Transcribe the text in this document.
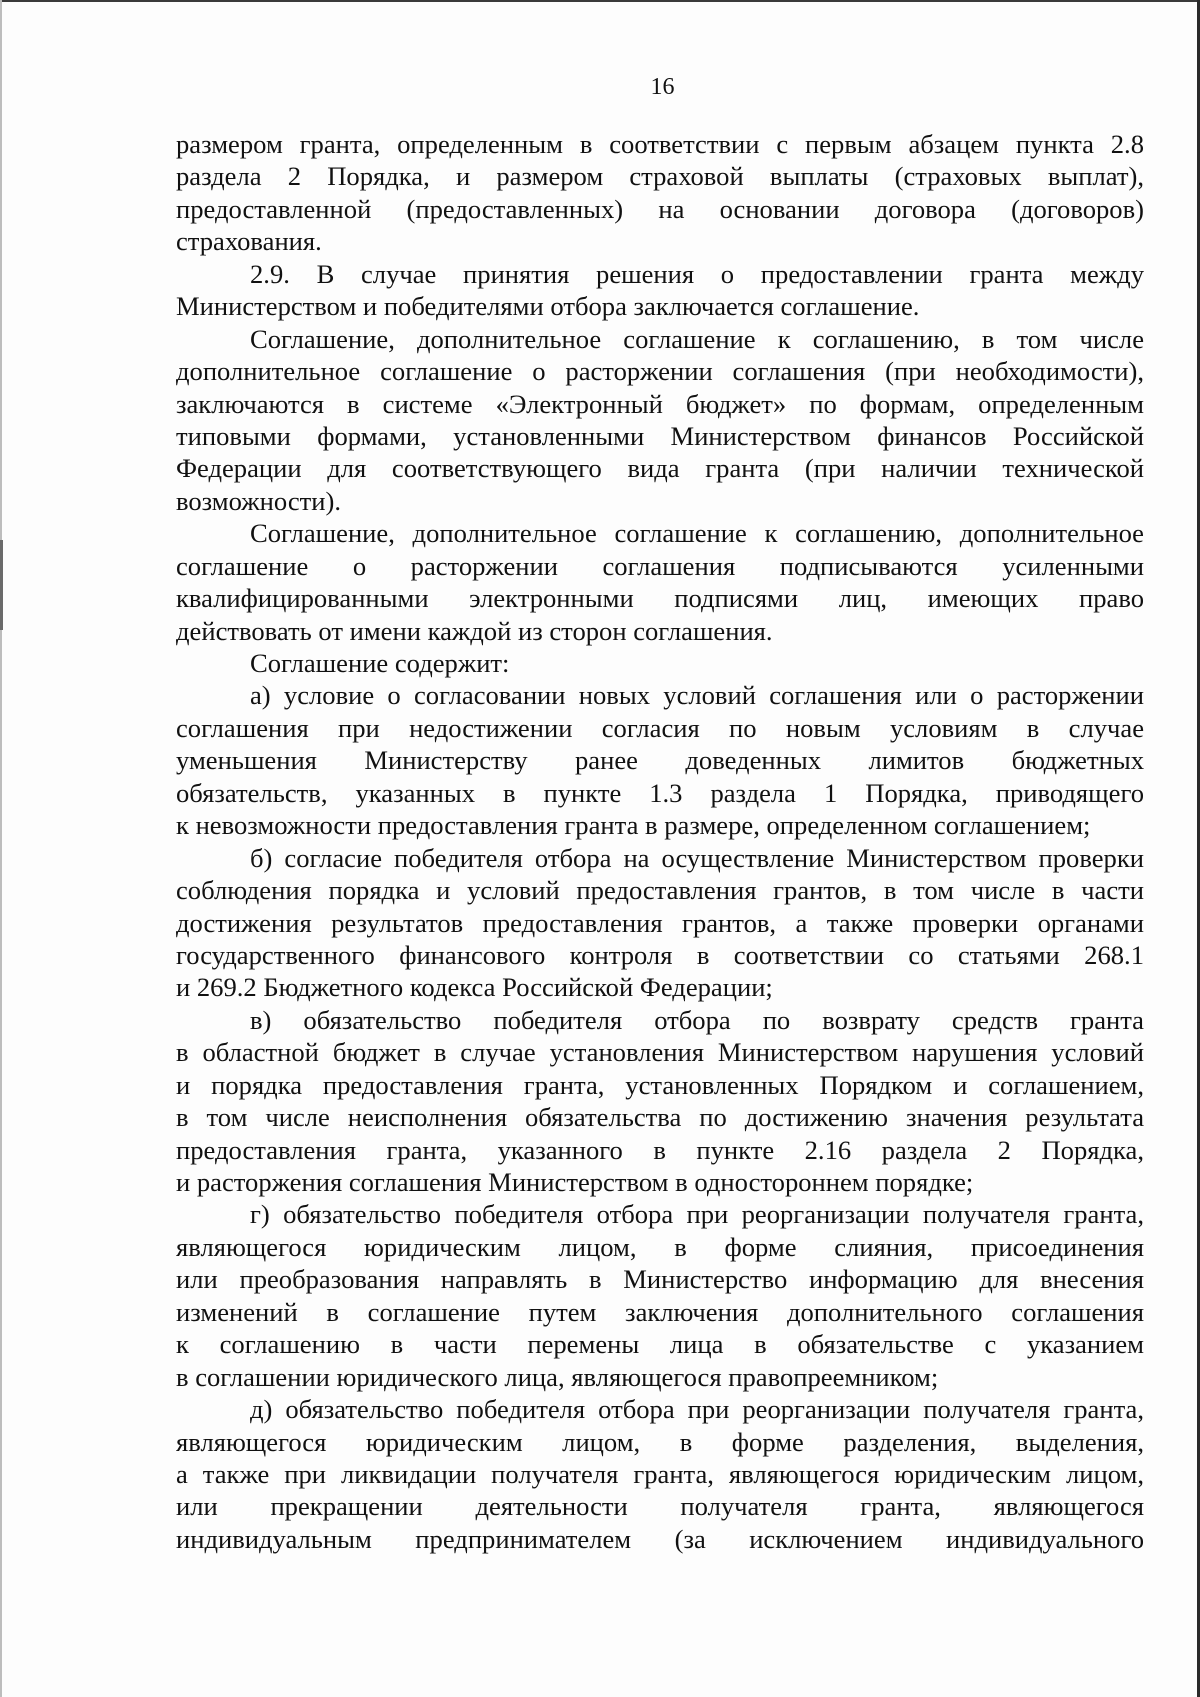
16
размером гранта, определенным в соответствии с первым абзацем пункта 2.8
раздела 2 Порядка, и размером страховой выплаты (страховых выплат),
предоставленной (предоставленных) на основании договора (договоров)
страхования.
2.9. В случае принятия решения о предоставлении гранта между
Министерством и победителями отбора заключается соглашение.
Соглашение, дополнительное соглашение к соглашению, в том числе
дополнительное соглашение о расторжении соглашения (при необходимости),
заключаются в системе «Электронный бюджет» по формам, определенным
типовыми формами, установленными Министерством финансов Российской
Федерации для соответствующего вида гранта (при наличии технической
возможности).
Соглашение, дополнительное соглашение к соглашению, дополнительное
соглашение о расторжении соглашения подписываются усиленными
квалифицированными электронными подписями лиц, имеющих право
действовать от имени каждой из сторон соглашения.
Соглашение содержит:
а) условие о согласовании новых условий соглашения или о расторжении
соглашения при недостижении согласия по новым условиям в случае
уменьшения Министерству ранее доведенных лимитов бюджетных
обязательств, указанных в пункте 1.3 раздела 1 Порядка, приводящего
к невозможности предоставления гранта в размере, определенном соглашением;
б) согласие победителя отбора на осуществление Министерством проверки
соблюдения порядка и условий предоставления грантов, в том числе в части
достижения результатов предоставления грантов, а также проверки органами
государственного финансового контроля в соответствии со статьями 268.1
и 269.2 Бюджетного кодекса Российской Федерации;
в) обязательство победителя отбора по возврату средств гранта
в областной бюджет в случае установления Министерством нарушения условий
и порядка предоставления гранта, установленных Порядком и соглашением,
в том числе неисполнения обязательства по достижению значения результата
предоставления гранта, указанного в пункте 2.16 раздела 2 Порядка,
и расторжения соглашения Министерством в одностороннем порядке;
г) обязательство победителя отбора при реорганизации получателя гранта,
являющегося юридическим лицом, в форме слияния, присоединения
или преобразования направлять в Министерство информацию для внесения
изменений в соглашение путем заключения дополнительного соглашения
к соглашению в части перемены лица в обязательстве с указанием
в соглашении юридического лица, являющегося правопреемником;
д) обязательство победителя отбора при реорганизации получателя гранта,
являющегося юридическим лицом, в форме разделения, выделения,
а также при ликвидации получателя гранта, являющегося юридическим лицом,
или прекращении деятельности получателя гранта, являющегося
индивидуальным предпринимателем (за исключением индивидуального
